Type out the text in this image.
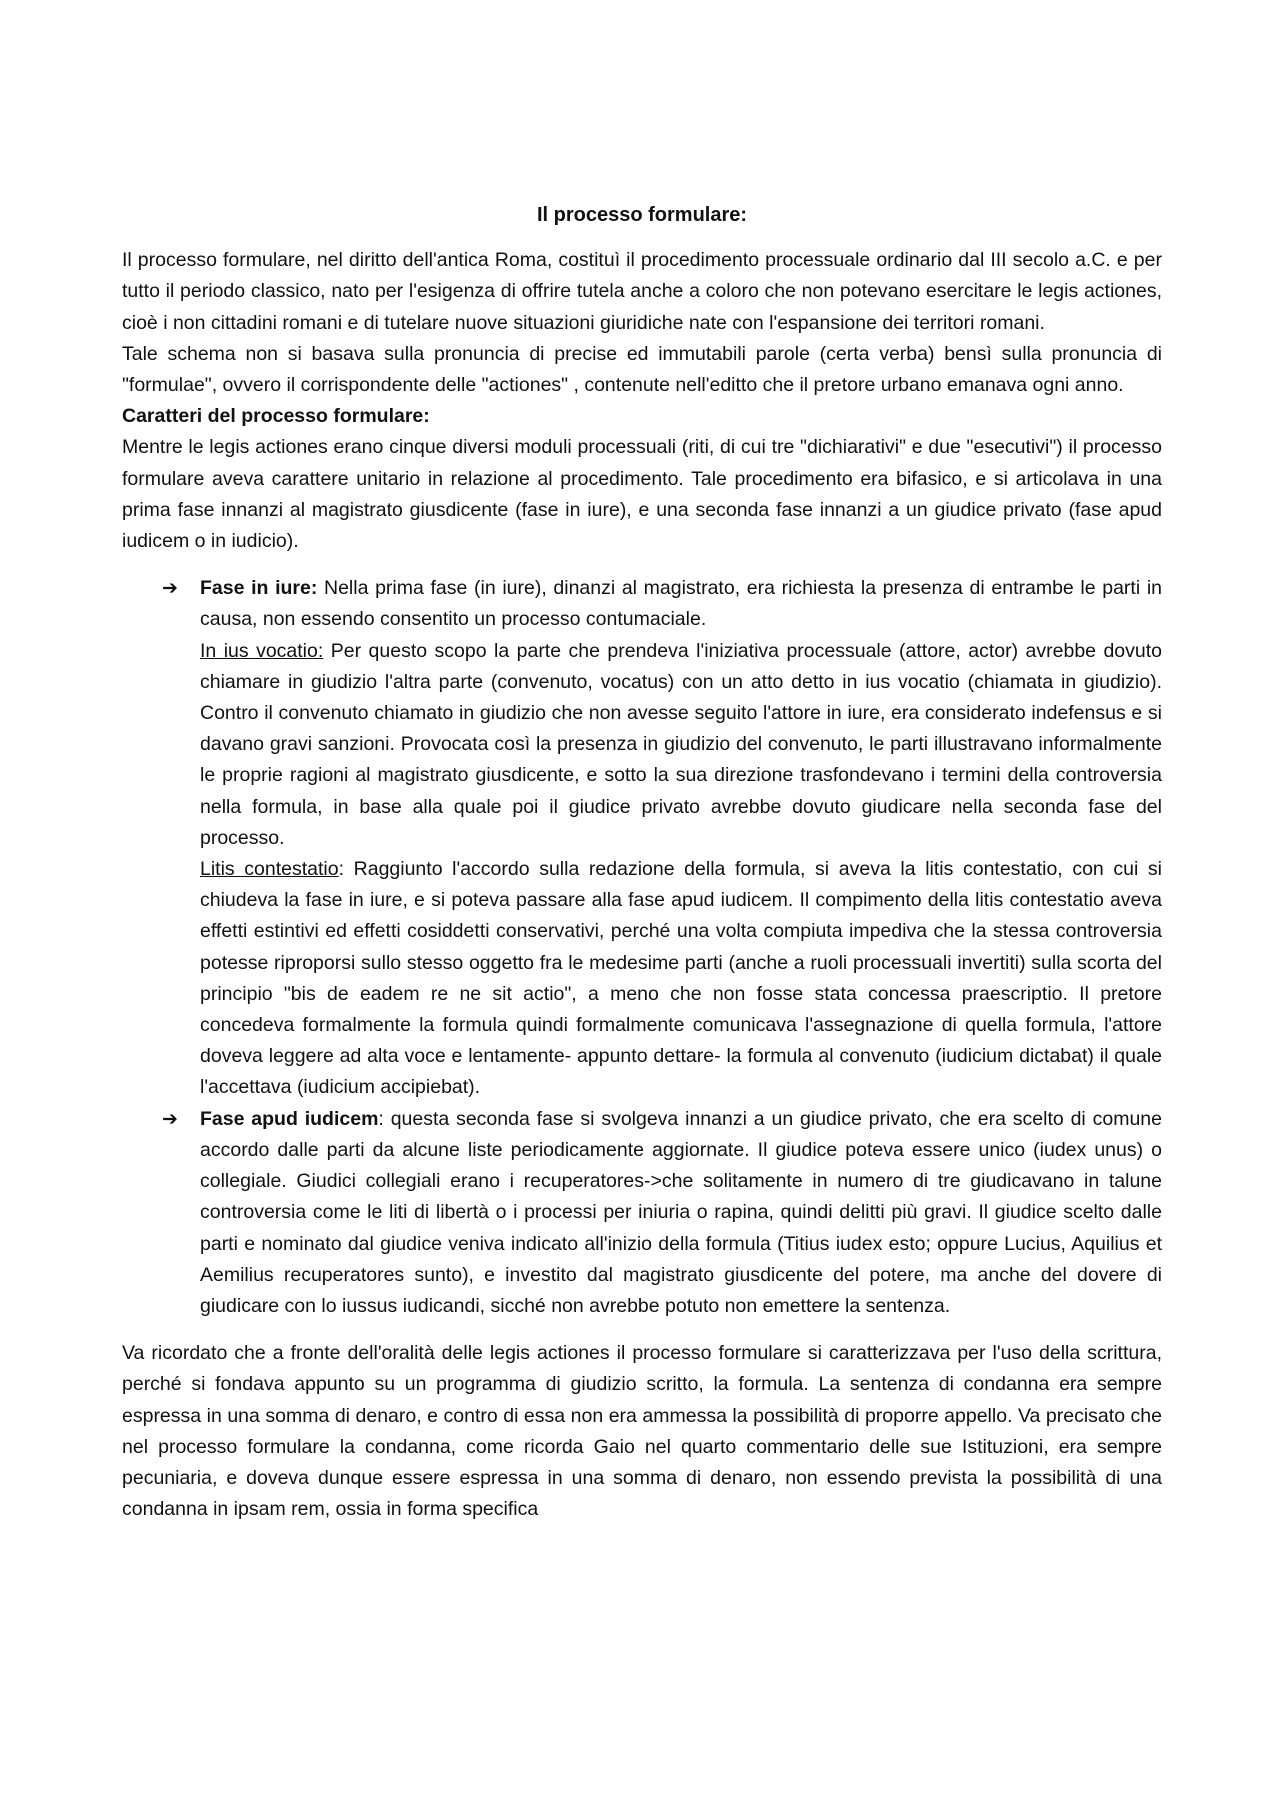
Il processo formulare:

Il processo formulare, nel diritto dell'antica Roma, costituì il procedimento processuale ordinario dal III secolo a.C. e per tutto il periodo classico, nato per l'esigenza di offrire tutela anche a coloro che non potevano esercitare le legis actiones, cioè i non cittadini romani e di tutelare nuove situazioni giuridiche nate con l'espansione dei territori romani.

Tale schema non si basava sulla pronuncia di precise ed immutabili parole (certa verba) bensì sulla pronuncia di "formulae", ovvero il corrispondente delle "actiones" , contenute nell'editto che il pretore urbano emanava ogni anno.

Caratteri del processo formulare:

Mentre le legis actiones erano cinque diversi moduli processuali (riti, di cui tre "dichiarativi" e due "esecutivi") il processo formulare aveva carattere unitario in relazione al procedimento. Tale procedimento era bifasico, e si articolava in una prima fase innanzi al magistrato giusdicente (fase in iure), e una seconda fase innanzi a un giudice privato (fase apud iudicem o in iudicio).

➔ Fase in iure: Nella prima fase (in iure), dinanzi al magistrato, era richiesta la presenza di entrambe le parti in causa, non essendo consentito un processo contumaciale.

In ius vocatio: Per questo scopo la parte che prendeva l'iniziativa processuale (attore, actor) avrebbe dovuto chiamare in giudizio l'altra parte (convenuto, vocatus) con un atto detto in ius vocatio (chiamata in giudizio). Contro il convenuto chiamato in giudizio che non avesse seguito l'attore in iure, era considerato indefensus e si davano gravi sanzioni. Provocata così la presenza in giudizio del convenuto, le parti illustravano informalmente le proprie ragioni al magistrato giusdicente, e sotto la sua direzione trasfondevano i termini della controversia nella formula, in base alla quale poi il giudice privato avrebbe dovuto giudicare nella seconda fase del processo.

Litis contestatio: Raggiunto l'accordo sulla redazione della formula, si aveva la litis contestatio, con cui si chiudeva la fase in iure, e si poteva passare alla fase apud iudicem. Il compimento della litis contestatio aveva effetti estintivi ed effetti cosiddetti conservativi, perché una volta compiuta impediva che la stessa controversia potesse riproporsi sullo stesso oggetto fra le medesime parti (anche a ruoli processuali invertiti) sulla scorta del principio "bis de eadem re ne sit actio", a meno che non fosse stata concessa praescriptio. Il pretore concedeva formalmente la formula quindi formalmente comunicava l'assegnazione di quella formula, l'attore doveva leggere ad alta voce e lentamente- appunto dettare- la formula al convenuto (iudicium dictabat) il quale l'accettava (iudicium accipiebat).

➔ Fase apud iudicem: questa seconda fase si svolgeva innanzi a un giudice privato, che era scelto di comune accordo dalle parti da alcune liste periodicamente aggiornate. Il giudice poteva essere unico (iudex unus) o collegiale. Giudici collegiali erano i recuperatores->che solitamente in numero di tre giudicavano in talune controversia come le liti di libertà o i processi per iniuria o rapina, quindi delitti più gravi. Il giudice scelto dalle parti e nominato dal giudice veniva indicato all'inizio della formula (Titius iudex esto; oppure Lucius, Aquilius et Aemilius recuperatores sunto), e investito dal magistrato giusdicente del potere, ma anche del dovere di giudicare con lo iussus iudicandi, sicché non avrebbe potuto non emettere la sentenza.

Va ricordato che a fronte dell'oralità delle legis actiones il processo formulare si caratterizzava per l'uso della scrittura, perché si fondava appunto su un programma di giudizio scritto, la formula. La sentenza di condanna era sempre espressa in una somma di denaro, e contro di essa non era ammessa la possibilità di proporre appello. Va precisato che nel processo formulare la condanna, come ricorda Gaio nel quarto commentario delle sue Istituzioni, era sempre pecuniaria, e doveva dunque essere espressa in una somma di denaro, non essendo prevista la possibilità di una condanna in ipsam rem, ossia in forma specifica
